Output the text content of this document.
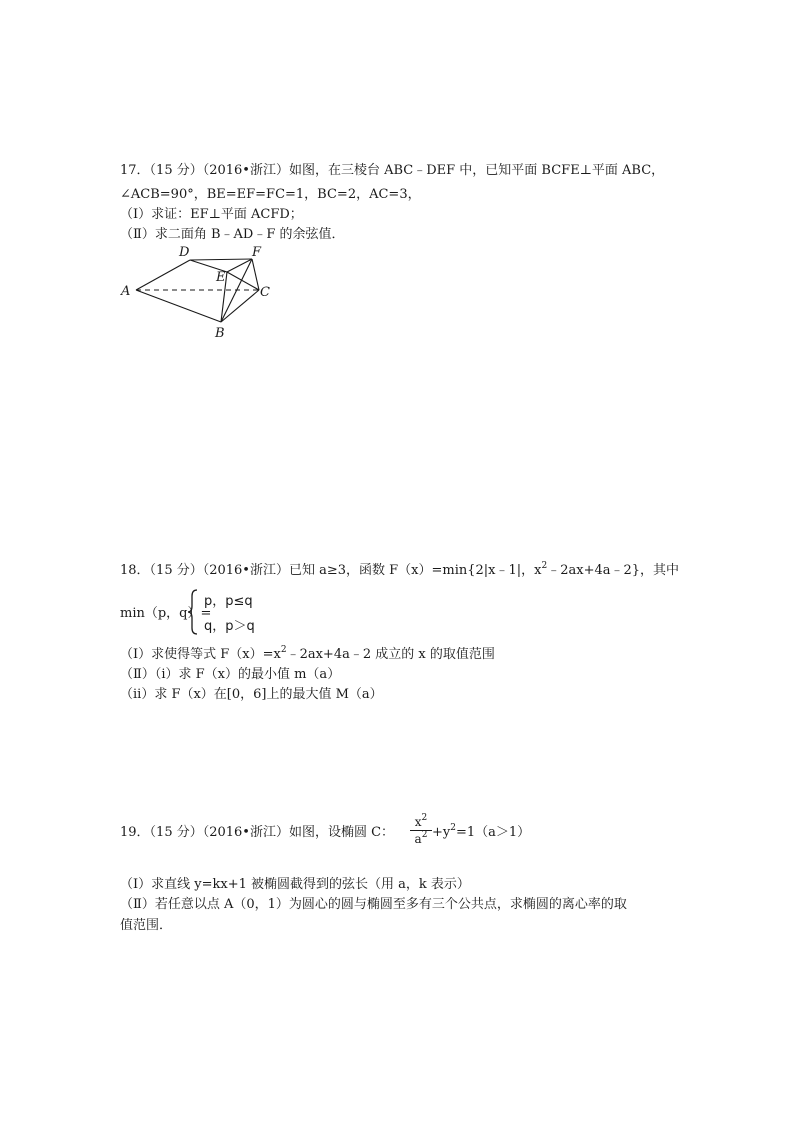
17．（15 分）（2016•浙江）如图，在三棱台 ABC﹣DEF 中，已知平面 BCFE⊥平面 ABC，
∠ACB=90°，BE=EF=FC=1，BC=2，AC=3，
（Ⅰ）求证：EF⊥平面 ACFD；
（Ⅱ）求二面角 B﹣AD﹣F 的余弦值．
A
D	F
E
C
B
18．（15 分）（2016•浙江）已知 a≥3，函数 F（x）=min{2|x﹣1|，$x^2﹣2ax+4a﹣2$}，其中
min（p，q）=
p，p≤q
q，p＞q
（Ⅰ）求使得等式 $F(x)=x^2﹣2ax+4a﹣2$ 成立的 x 的取值范围
（Ⅱ）（i）求 F（x）的最小值 m（a）
（ii）求 F（x）在[0，6]上的最大值 M（a）
19．（15 分）（2016•浙江）如图，设椭圆 C：
$x^2$
$a^2 +y^2=1(a>1)$
（Ⅰ）求直线 y=kx+1 被椭圆截得到的弦长（用 a，k 表示）
（Ⅱ）若任意以点 A（0，1）为圆心的圆与椭圆至多有三个公共点，求椭圆的离心率的取
值范围．
